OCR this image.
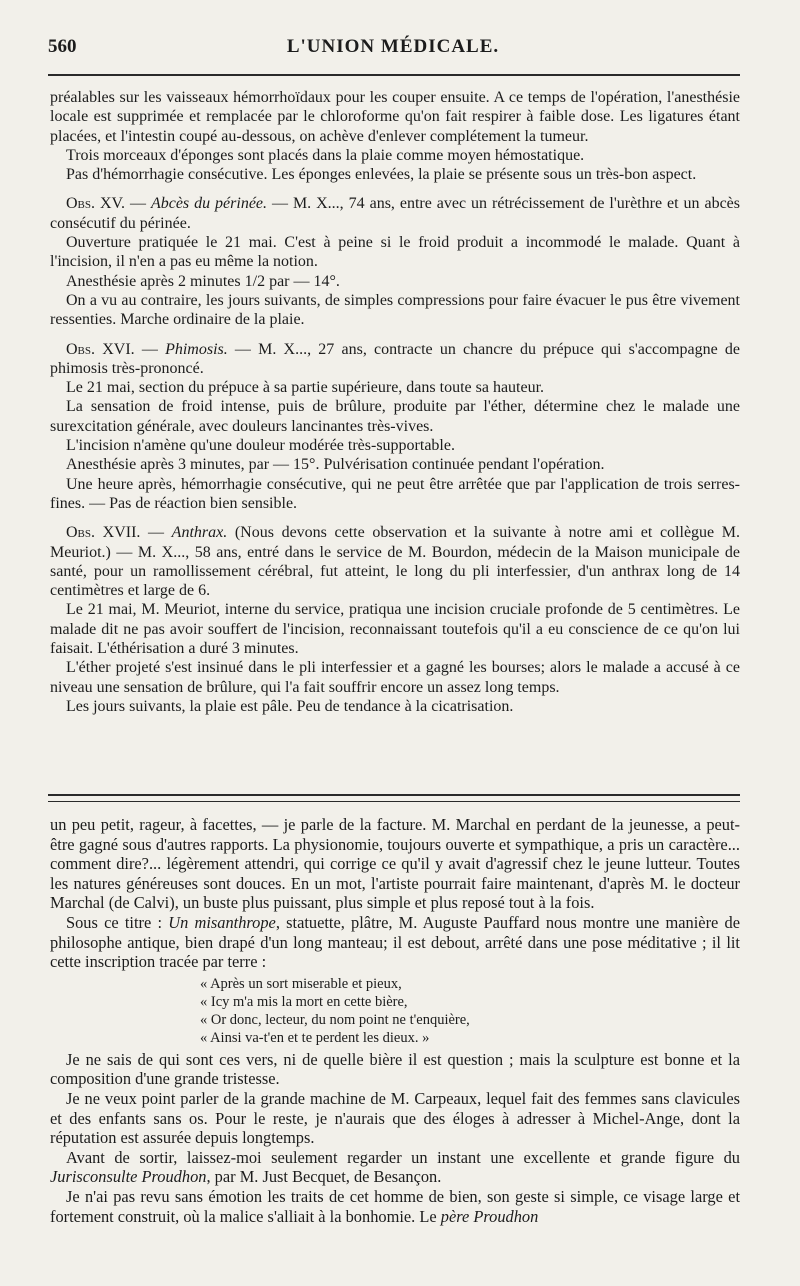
560	L'UNION MÉDICALE.

préalables sur les vaisseaux hémorrhoïdaux pour les couper ensuite. A ce temps de l'opération, l'anesthésie locale est supprimée et remplacée par le chloroforme qu'on fait respirer à faible dose. Les ligatures étant placées, et l'intestin coupé au-dessous, on achève d'enlever complétement la tumeur.

Trois morceaux d'éponges sont placés dans la plaie comme moyen hémostatique.

Pas d'hémorrhagie consécutive. Les éponges enlevées, la plaie se présente sous un très-bon aspect.

Obs. XV. — Abcès du périnée. — M. X..., 74 ans, entre avec un rétrécissement de l'urèthre et un abcès consécutif du périnée.

Ouverture pratiquée le 21 mai. C'est à peine si le froid produit a incommodé le malade. Quant à l'incision, il n'en a pas eu même la notion.

Anesthésie après 2 minutes 1/2 par — 14°.

On a vu au contraire, les jours suivants, de simples compressions pour faire évacuer le pus être vivement ressenties. Marche ordinaire de la plaie.

Obs. XVI. — Phimosis. — M. X..., 27 ans, contracte un chancre du prépuce qui s'accompagne de phimosis très-prononcé.

Le 21 mai, section du prépuce à sa partie supérieure, dans toute sa hauteur.

La sensation de froid intense, puis de brûlure, produite par l'éther, détermine chez le malade une surexcitation générale, avec douleurs lancinantes très-vives.

L'incision n'amène qu'une douleur modérée très-supportable.

Anesthésie après 3 minutes, par — 15°. Pulvérisation continuée pendant l'opération.

Une heure après, hémorrhagie consécutive, qui ne peut être arrêtée que par l'application de trois serres-fines. — Pas de réaction bien sensible.

Obs. XVII. — Anthrax. (Nous devons cette observation et la suivante à notre ami et collègue M. Meuriot.) — M. X..., 58 ans, entré dans le service de M. Bourdon, médecin de la Maison municipale de santé, pour un ramollissement cérébral, fut atteint, le long du pli interfessier, d'un anthrax long de 14 centimètres et large de 6.

Le 21 mai, M. Meuriot, interne du service, pratiqua une incision cruciale profonde de 5 centimètres. Le malade dit ne pas avoir souffert de l'incision, reconnaissant toutefois qu'il a eu conscience de ce qu'on lui faisait. L'éthérisation a duré 3 minutes.

L'éther projeté s'est insinué dans le pli interfessier et a gagné les bourses; alors le malade a accusé à ce niveau une sensation de brûlure, qui l'a fait souffrir encore un assez long temps.

Les jours suivants, la plaie est pâle. Peu de tendance à la cicatrisation.

un peu petit, rageur, à facettes, — je parle de la facture. M. Marchal en perdant de la jeunesse, a peut-être gagné sous d'autres rapports. La physionomie, toujours ouverte et sympathique, a pris un caractère... comment dire?... légèrement attendri, qui corrige ce qu'il y avait d'agressif chez le jeune lutteur. Toutes les natures généreuses sont douces. En un mot, l'artiste pourrait faire maintenant, d'après M. le docteur Marchal (de Calvi), un buste plus puissant, plus simple et plus reposé tout à la fois.

Sous ce titre : Un misanthrope, statuette, plâtre, M. Auguste Pauffard nous montre une manière de philosophe antique, bien drapé d'un long manteau; il est debout, arrêté dans une pose méditative ; il lit cette inscription tracée par terre :

« Après un sort miserable et pieux,
« Icy m'a mis la mort en cette bière,
« Or donc, lecteur, du nom point ne t'enquière,
« Ainsi va-t'en et te perdent les dieux. »

Je ne sais de qui sont ces vers, ni de quelle bière il est question ; mais la sculpture est bonne et la composition d'une grande tristesse.

Je ne veux point parler de la grande machine de M. Carpeaux, lequel fait des femmes sans clavicules et des enfants sans os. Pour le reste, je n'aurais que des éloges à adresser à Michel-Ange, dont la réputation est assurée depuis longtemps.

Avant de sortir, laissez-moi seulement regarder un instant une excellente et grande figure du Jurisconsulte Proudhon, par M. Just Becquet, de Besançon.

Je n'ai pas revu sans émotion les traits de cet homme de bien, son geste si simple, ce visage large et fortement construit, où la malice s'alliait à la bonhomie. Le père Proudhon
